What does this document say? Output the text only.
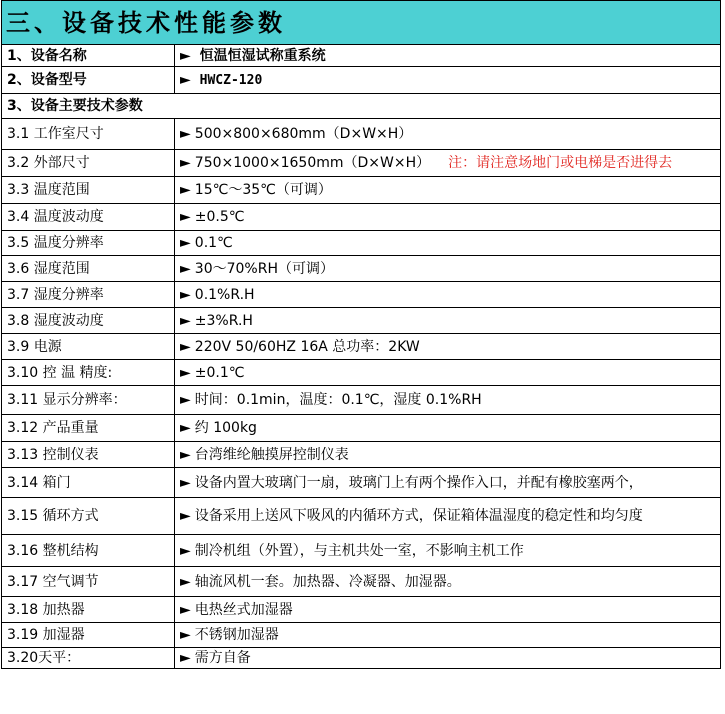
三、设备技术性能参数	
1、设备名称	► 恒温恒湿试称重系统
2、设备型号	► HWCZ-120
3、设备主要技术参数	
3.1 工作室尺寸	► 500×800×680mm（D×W×H）
3.2 外部尺寸	► 750×1000×1650mm（D×W×H） 注：请注意场地门或电梯是否进得去
3.3 温度范围	► 15℃～35℃（可调）
3.4 温度波动度	► ±0.5℃
3.5 温度分辨率	► 0.1℃
3.6 湿度范围	► 30～70%RH（可调）
3.7 湿度分辨率	► 0.1%R.H
3.8 湿度波动度	► ±3%R.H
3.9 电源	► 220V 50/60HZ 16A 总功率：2KW
3.10 控 温 精度:	► ±0.1℃
3.11 显示分辨率：	► 时间：0.1min，温度：0.1℃，湿度 0.1%RH
3.12 产品重量	► 约 100kg
3.13 控制仪表	► 台湾维纶触摸屏控制仪表
3.14 箱门	► 设备内置大玻璃门一扇，玻璃门上有两个操作入口，并配有橡胶塞两个，
3.15 循环方式	► 设备采用上送风下吸风的内循环方式，保证箱体温湿度的稳定性和均匀度
3.16 整机结构	► 制冷机组（外置），与主机共处一室，不影响主机工作
3.17 空气调节	► 轴流风机一套。加热器、冷凝器、加湿器。
3.18 加热器	► 电热丝式加湿器
3.19 加湿器	► 不锈钢加湿器
3.20天平：	► 需方自备
